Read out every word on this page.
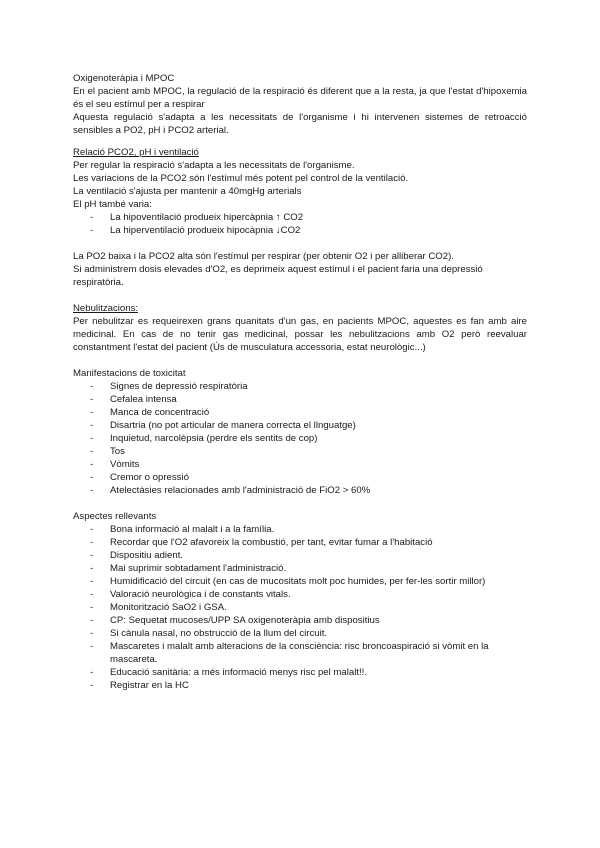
Oxigenoteràpia i MPOC

En el pacient amb MPOC, la regulació de la respiració és diferent que a la resta, ja que l'estat d'hipoxemia és el seu estímul per a respirar

Aquesta regulació s'adapta a les necessitats de l'organisme i hi intervenen sistemes de retroacció sensibles a PO2, pH i PCO2 arterial.

Relació PCO2, pH i ventilació

Per regular la respiració s'adapta a les necessitats de l'organisme.

Les variacions de la PCO2 són l'estímul més potent pel control de la ventilació.

La ventilació s'ajusta per mantenir a 40mgHg arterials

El pH també varia:

- La hipoventilació produeix hipercàpnia ↑ CO2
- La hiperventilació produeix hipocàpnia ↓CO2

La PO2 baixa i la PCO2 alta són l'estímul per respirar (per obtenir O2 i per alliberar CO2).

Si administrem dosis elevades d'O2, es deprimeix aquest estímul i el pacient faria una depressió respiratòria.

Nebulitzacions:

Per nebulitzar es requeirexen grans quanitats d'un gas, en pacients MPOC, aquestes es fan amb aire medicinal. En cas de no tenir gas medicinal, possar les nebulitzacions amb O2 però reevaluar constantment l'estat del pacient (Ús de musculatura accessoria, estat neurològic...)

Manifestacions de toxicitat

- Signes de depressió respiratòria
- Cefalea intensa
- Manca de concentració
- Disartria (no pot articular de manera correcta el llnguatge)
- Inquietud, narcolèpsia (perdre els sentits de cop)
- Tos
- Vòmits
- Cremor o opressió
- Atelectàsies relacionades amb l'administració de FiO2 > 60%

Aspectes rellevants

- Bona informació al malalt i a la família.
- Recordar que l'O2 afavoreix la combustió, per tant, evitar fumar a l'habitació
- Dispositiu adient.
- Mai suprimir sobtadament l'administració.
- Humidificació del circuit (en cas de mucositats molt poc humides, per fer-les sortir millor)
- Valoració neurològica i de constants vitals.
- Monitorització SaO2 i GSA.
- CP: Sequetat mucoses/UPP SA oxigenoteràpia amb dispositius
- Si cànula nasal, no obstrucció de la llum del circuit.
- Mascaretes i malalt amb alteracions de la consciència: risc broncoaspiració si vòmit en la mascareta.
- Educació sanitària: a més informació menys risc pel malalt!!.
- Registrar en la HC
